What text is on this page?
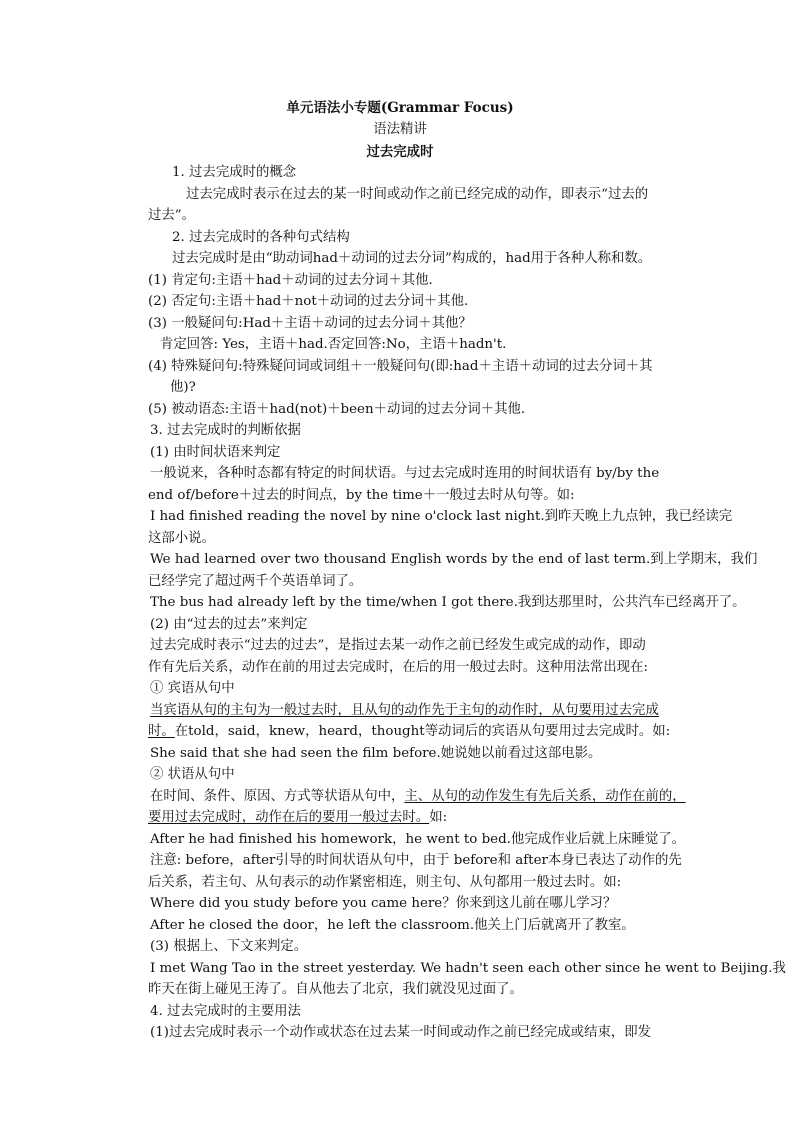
单元语法小专题(Grammar Focus)

语法精讲

过去完成时

1. 过去完成时的概念

过去完成时表示在过去的某一时间或动作之前已经完成的动作，即表示“过去的

过去”。

2. 过去完成时的各种句式结构

过去完成时是由“助动词had＋动词的过去分词”构成的，had用于各种人称和数。

(1) 肯定句:主语＋had＋动词的过去分词＋其他.

(2) 否定句:主语＋had＋not＋动词的过去分词＋其他.

(3) 一般疑问句:Had＋主语＋动词的过去分词＋其他？

肯定回答: Yes，主语＋had.否定回答:No，主语＋hadn't.

(4) 特殊疑问句:特殊疑问词或词组＋一般疑问句(即:had＋主语＋动词的过去分词＋其

他)?

(5) 被动语态:主语＋had(not)＋been＋动词的过去分词＋其他.

3. 过去完成时的判断依据

(1) 由时间状语来判定

一般说来，各种时态都有特定的时间状语。与过去完成时连用的时间状语有 by/by the

end of/before＋过去的时间点，by the time＋一般过去时从句等。如:

I had finished reading the novel by nine o'clock last night.到昨天晚上九点钟，我已经读完

这部小说。

We had learned over two thousand English words by the end of last term.到上学期末，我们

已经学完了超过两千个英语单词了。

The bus had already left by the time/when I got there.我到达那里时，公共汽车已经离开了。

(2) 由“过去的过去”来判定

过去完成时表示“过去的过去”，是指过去某一动作之前已经发生或完成的动作，即动

作有先后关系，动作在前的用过去完成时，在后的用一般过去时。这种用法常出现在:

① 宾语从句中

当宾语从句的主句为一般过去时，且从句的动作先于主句的动作时，从句要用过去完成

时。在told，said，knew，heard，thought等动词后的宾语从句要用过去完成时。如:

She said that she had seen the film before.她说她以前看过这部电影。

② 状语从句中

在时间、条件、原因、方式等状语从句中，主、从句的动作发生有先后关系，动作在前的，

要用过去完成时，动作在后的要用一般过去时。如:

After he had finished his homework，he went to bed.他完成作业后就上床睡觉了。

注意: before，after引导的时间状语从句中，由于 before和 after本身已表达了动作的先

后关系，若主句、从句表示的动作紧密相连，则主句、从句都用一般过去时。如:

Where did you study before you came here？你来到这儿前在哪儿学习？

After he closed the door，he left the classroom.他关上门后就离开了教室。

(3) 根据上、下文来判定。

I met Wang Tao in the street yesterday. We hadn't seen each other since he went to Beijing.我

昨天在街上碰见王涛了。自从他去了北京，我们就没见过面了。

4. 过去完成时的主要用法

(1)过去完成时表示一个动作或状态在过去某一时间或动作之前已经完成或结束，即发
